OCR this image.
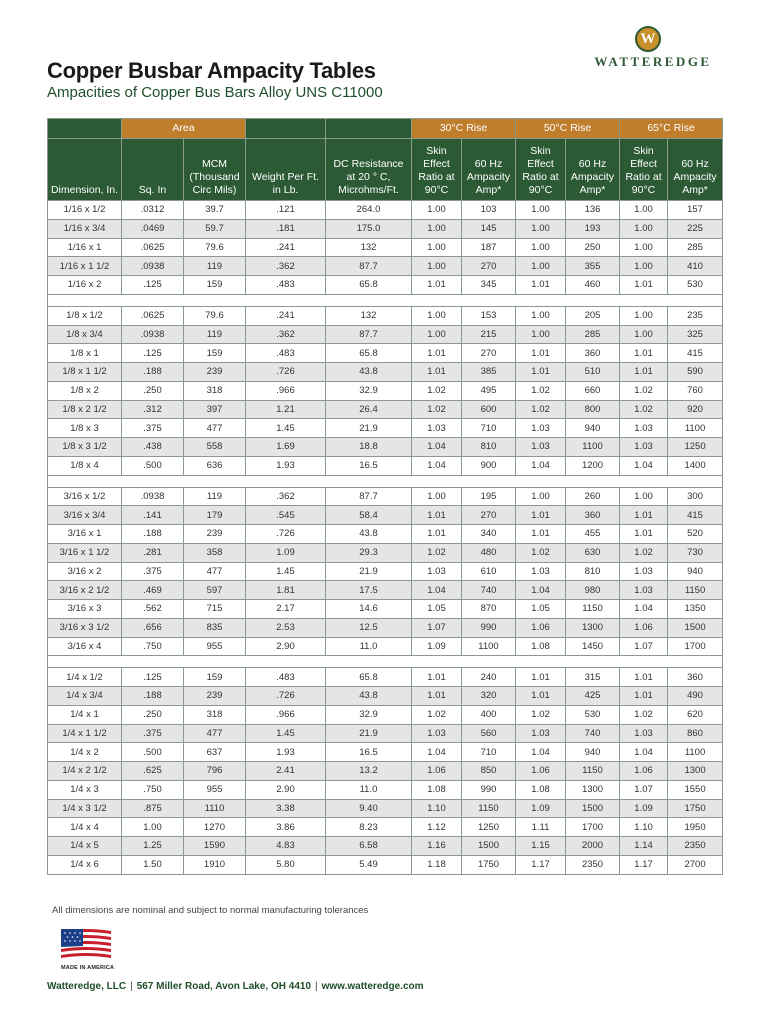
W
WATTEREDGE
Copper Busbar Ampacity Tables
Ampacities of Copper Bus Bars Alloy UNS C11000
	Area				30°C Rise		50°C Rise		65°C Rise	
Dimension, In.	Sq. In	MCM
(Thousand
Circ Mils)	Weight Per Ft.
in Lb.	DC Resistance
at 20 ° C,
Microhms/Ft.	Skin
Effect
Ratio at
90°C	60 Hz
Ampacity
Amp*	Skin
Effect
Ratio at
90°C	60 Hz
Ampacity
Amp*	Skin
Effect
Ratio at
90°C	60 Hz
Ampacity
Amp*
1/16 x 1/2	.0312	39.7	.121	264.0	1.00	103	1.00	136	1.00	157
1/16 x 3/4	.0469	59.7	.181	175.0	1.00	145	1.00	193	1.00	225
1/16 x 1	.0625	79.6	.241	132	1.00	187	1.00	250	1.00	285
1/16 x 1 1/2	.0938	119	.362	87.7	1.00	270	1.00	355	1.00	410
1/16 x 2	.125	159	.483	65.8	1.01	345	1.01	460	1.01	530

1/8 x 1/2	.0625	79.6	.241	132	1.00	153	1.00	205	1.00	235
1/8 x 3/4	.0938	119	.362	87.7	1.00	215	1.00	285	1.00	325
1/8 x 1	.125	159	.483	65.8	1.01	270	1.01	360	1.01	415
1/8 x 1 1/2	.188	239	.726	43.8	1.01	385	1.01	510	1.01	590
1/8 x 2	.250	318	.966	32.9	1.02	495	1.02	660	1.02	760
1/8 x 2 1/2	.312	397	1.21	26.4	1.02	600	1.02	800	1.02	920
1/8 x 3	.375	477	1.45	21.9	1.03	710	1.03	940	1.03	1100
1/8 x 3 1/2	.438	558	1.69	18.8	1.04	810	1.03	1100	1.03	1250
1/8 x 4	.500	636	1.93	16.5	1.04	900	1.04	1200	1.04	1400

3/16 x 1/2	.0938	119	.362	87.7	1.00	195	1.00	260	1.00	300
3/16 x 3/4	.141	179	.545	58.4	1.01	270	1.01	360	1.01	415
3/16 x 1	.188	239	.726	43.8	1.01	340	1.01	455	1.01	520
3/16 x 1 1/2	.281	358	1.09	29.3	1.02	480	1.02	630	1.02	730
3/16 x 2	.375	477	1.45	21.9	1.03	610	1.03	810	1.03	940
3/16 x 2 1/2	.469	597	1.81	17.5	1.04	740	1.04	980	1.03	1150
3/16 x 3	.562	715	2.17	14.6	1.05	870	1.05	1150	1.04	1350
3/16 x 3 1/2	.656	835	2.53	12.5	1.07	990	1.06	1300	1.06	1500
3/16 x 4	.750	955	2.90	11.0	1.09	1100	1.08	1450	1.07	1700

1/4 x 1/2	.125	159	.483	65.8	1.01	240	1.01	315	1.01	360
1/4 x 3/4	.188	239	.726	43.8	1.01	320	1.01	425	1.01	490
1/4 x 1	.250	318	.966	32.9	1.02	400	1.02	530	1.02	620
1/4 x 1 1/2	.375	477	1.45	21.9	1.03	560	1.03	740	1.03	860
1/4 x 2	.500	637	1.93	16.5	1.04	710	1.04	940	1.04	1100
1/4 x 2 1/2	.625	796	2.41	13.2	1.06	850	1.06	1150	1.06	1300
1/4 x 3	.750	955	2.90	11.0	1.08	990	1.08	1300	1.07	1550
1/4 x 3 1/2	.875	1110	3.38	9.40	1.10	1150	1.09	1500	1.09	1750
1/4 x 4	1.00	1270	3.86	8.23	1.12	1250	1.11	1700	1.10	1950
1/4 x 5	1.25	1590	4.83	6.58	1.16	1500	1.15	2000	1.14	2350
1/4 x 6	1.50	1910	5.80	5.49	1.18	1750	1.17	2350	1.17	2700
All dimensions are nominal and subject to normal manufacturing tolerances
MADE IN AMERICA
Watteredge, LLC | 567 Miller Road, Avon Lake, OH 4410 | www.watteredge.com
